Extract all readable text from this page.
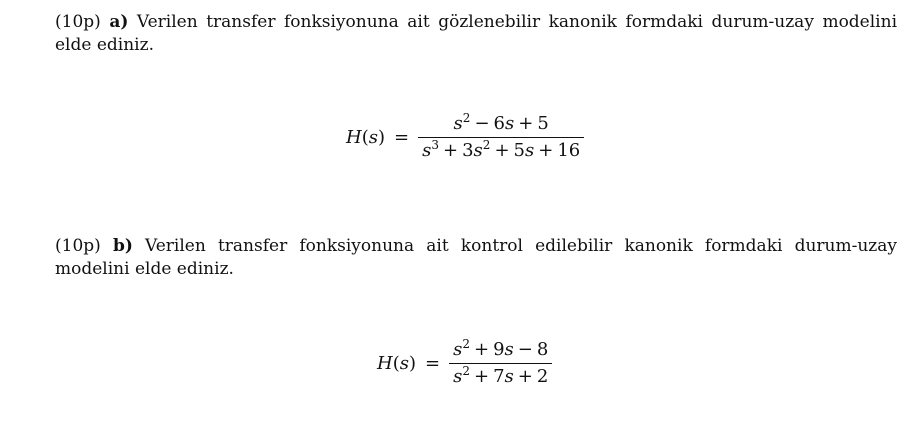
(10p) a) Verilen transfer fonksiyonuna ait gözlenebilir kanonik formdaki durum-uzay modelini elde ediniz.
$H(s) = \frac{s^2 - 6s + 5}{s^3 + 3s^2 + 5s + 16}$
(10p) b) Verilen transfer fonksiyonuna ait kontrol edilebilir kanonik formdaki durum-uzay modelini elde ediniz.
$H(s) = \frac{s^2 + 9s - 8}{s^2 + 7s + 2}$
